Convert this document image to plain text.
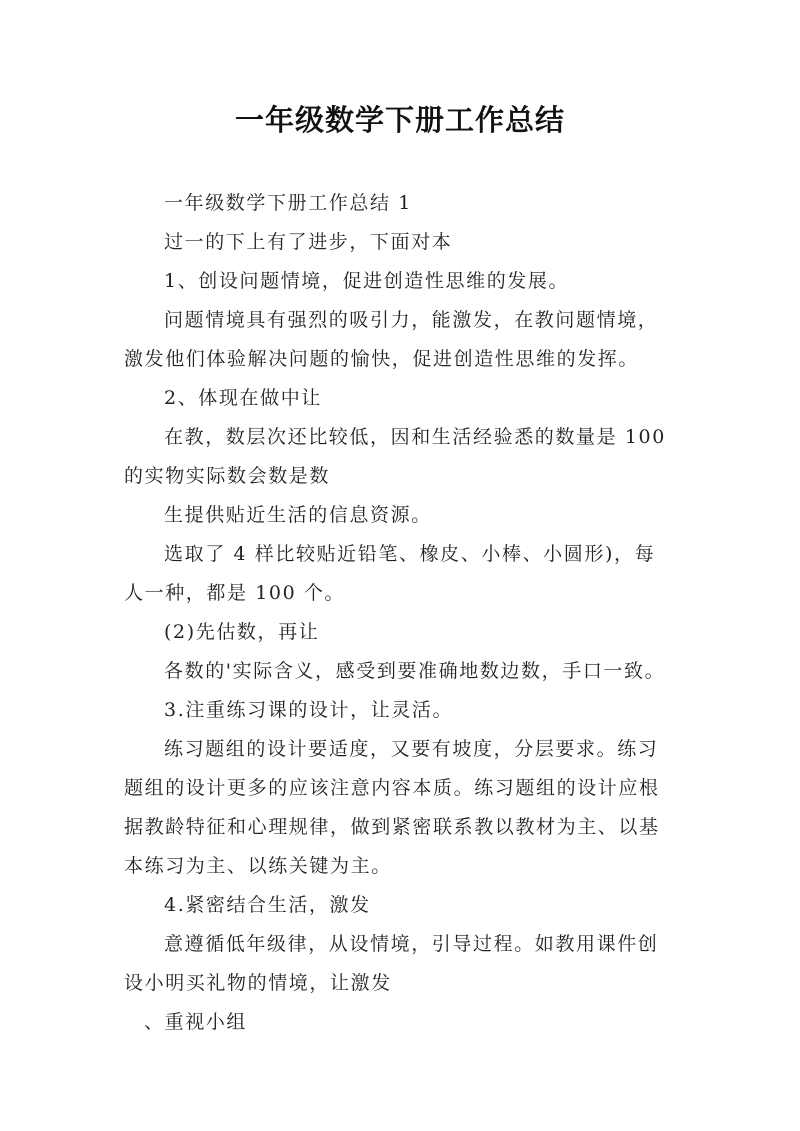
一年级数学下册工作总结

一年级数学下册工作总结 1

过一的下上有了进步，下面对本

1、创设问题情境，促进创造性思维的发展。

问题情境具有强烈的吸引力，能激发，在教问题情境，

激发他们体验解决问题的愉快，促进创造性思维的发挥。

2、体现在做中让

在教，数层次还比较低，因和生活经验悉的数量是 100

的实物实际数会数是数

生提供贴近生活的信息资源。

选取了 4 样比较贴近铅笔、橡皮、小棒、小圆形)，每

人一种，都是 100 个。

(2)先估数，再让

各数的'实际含义，感受到要准确地数边数，手口一致。

3.注重练习课的设计，让灵活。

练习题组的设计要适度，又要有坡度，分层要求。练习

题组的设计更多的应该注意内容本质。练习题组的设计应根

据教龄特征和心理规律，做到紧密联系教以教材为主、以基

本练习为主、以练关键为主。

4.紧密结合生活，激发

意遵循低年级律，从设情境，引导过程。如教用课件创

设小明买礼物的情境，让激发

、重视小组
